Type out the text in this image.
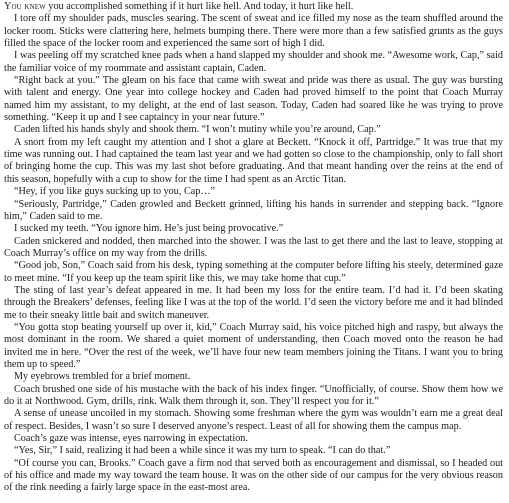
You knew you accomplished something if it hurt like hell. And today, it hurt like hell.

I tore off my shoulder pads, muscles searing. The scent of sweat and ice filled my nose as the team shuffled around the locker room. Sticks were clattering here, helmets bumping there. There were more than a few satisfied grunts as the guys filled the space of the locker room and experienced the same sort of high I did.

I was peeling off my scratched knee pads when a hand slapped my shoulder and shook me. “Awesome work, Cap,” said the familiar voice of my roommate and assistant captain, Caden.

“Right back at you.” The gleam on his face that came with sweat and pride was there as usual. The guy was bursting with talent and energy. One year into college hockey and Caden had proved himself to the point that Coach Murray named him my assistant, to my delight, at the end of last season. Today, Caden had soared like he was trying to prove something. “Keep it up and I see captaincy in your near future.”

Caden lifted his hands shyly and shook them. “I won’t mutiny while you’re around, Cap.”

A snort from my left caught my attention and I shot a glare at Beckett. “Knock it off, Partridge.” It was true that my time was running out. I had captained the team last year and we had gotten so close to the championship, only to fall short of bringing home the cup. This was my last shot before graduating. And that meant handing over the reins at the end of this season, hopefully with a cup to show for the time I had spent as an Arctic Titan.

“Hey, if you like guys sucking up to you, Cap…”

“Seriously, Partridge,” Caden growled and Beckett grinned, lifting his hands in surrender and stepping back. “Ignore him,” Caden said to me.

I sucked my teeth. “You ignore him. He’s just being provocative.”

Caden snickered and nodded, then marched into the shower. I was the last to get there and the last to leave, stopping at Coach Murray’s office on my way from the drills.

“Good job, Son,” Coach said from his desk, typing something at the computer before lifting his steely, determined gaze to meet mine. “If you keep up the team spirit like this, we may take home that cup.”

The sting of last year’s defeat appeared in me. It had been my loss for the entire team. I’d had it. I’d been skating through the Breakers’ defenses, feeling like I was at the top of the world. I’d seen the victory before me and it had blinded me to their sneaky little bait and switch maneuver.

“You gotta stop beating yourself up over it, kid,” Coach Murray said, his voice pitched high and raspy, but always the most dominant in the room. We shared a quiet moment of understanding, then Coach moved onto the reason he had invited me in here. “Over the rest of the week, we’ll have four new team members joining the Titans. I want you to bring them up to speed.”

My eyebrows trembled for a brief moment.

Coach brushed one side of his mustache with the back of his index finger. “Unofficially, of course. Show them how we do it at Northwood. Gym, drills, rink. Walk them through it, son. They’ll respect you for it.”

A sense of unease uncoiled in my stomach. Showing some freshman where the gym was wouldn’t earn me a great deal of respect. Besides, I wasn’t so sure I deserved anyone’s respect. Least of all for showing them the campus map.

Coach’s gaze was intense, eyes narrowing in expectation.

“Yes, Sir,” I said, realizing it had been a while since it was my turn to speak. “I can do that.”

“Of course you can, Brooks.” Coach gave a firm nod that served both as encouragement and dismissal, so I headed out of his office and made my way toward the team house. It was on the other side of our campus for the very obvious reason of the rink needing a fairly large space in the east-most area.
